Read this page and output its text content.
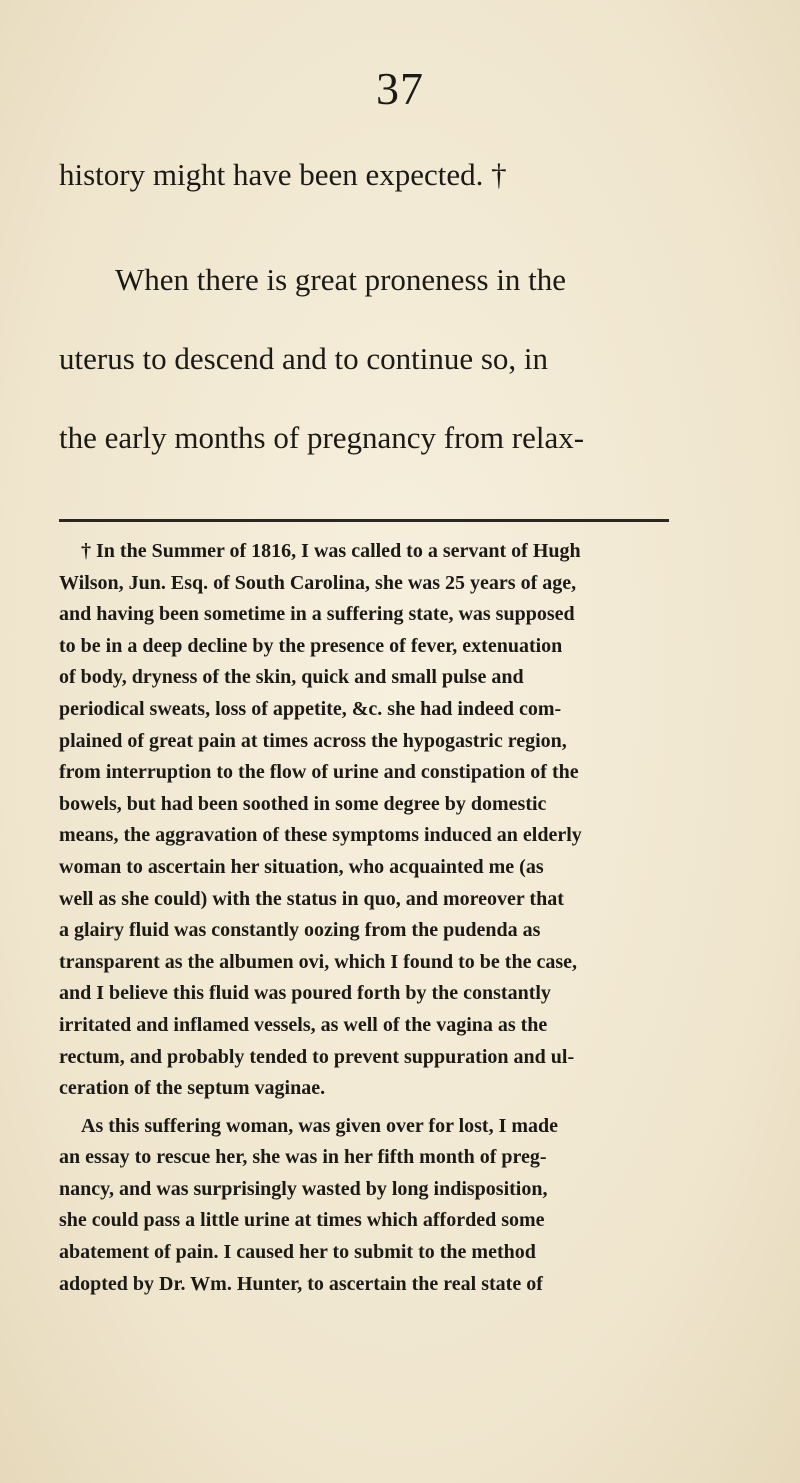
37
history might have been expected. †
When there is great proneness in the
uterus to descend and to continue so, in
the early months of pregnancy from relax-
† In the Summer of 1816, I was called to a servant of Hugh
Wilson, Jun. Esq. of South Carolina, she was 25 years of age,
and having been sometime in a suffering state, was supposed
to be in a deep decline by the presence of fever, extenuation
of body, dryness of the skin, quick and small pulse and
periodical sweats, loss of appetite, &c. she had indeed com-
plained of great pain at times across the hypogastric region,
from interruption to the flow of urine and constipation of the
bowels, but had been soothed in some degree by domestic
means, the aggravation of these symptoms induced an elderly
woman to ascertain her situation, who acquainted me (as
well as she could) with the status in quo, and moreover that
a glairy fluid was constantly oozing from the pudenda as
transparent as the albumen ovi, which I found to be the case,
and I believe this fluid was poured forth by the constantly
irritated and inflamed vessels, as well of the vagina as the
rectum, and probably tended to prevent suppuration and ul-
ceration of the septum vaginae.
As this suffering woman, was given over for lost, I made
an essay to rescue her, she was in her fifth month of preg-
nancy, and was surprisingly wasted by long indisposition,
she could pass a little urine at times which afforded some
abatement of pain. I caused her to submit to the method
adopted by Dr. Wm. Hunter, to ascertain the real state of
